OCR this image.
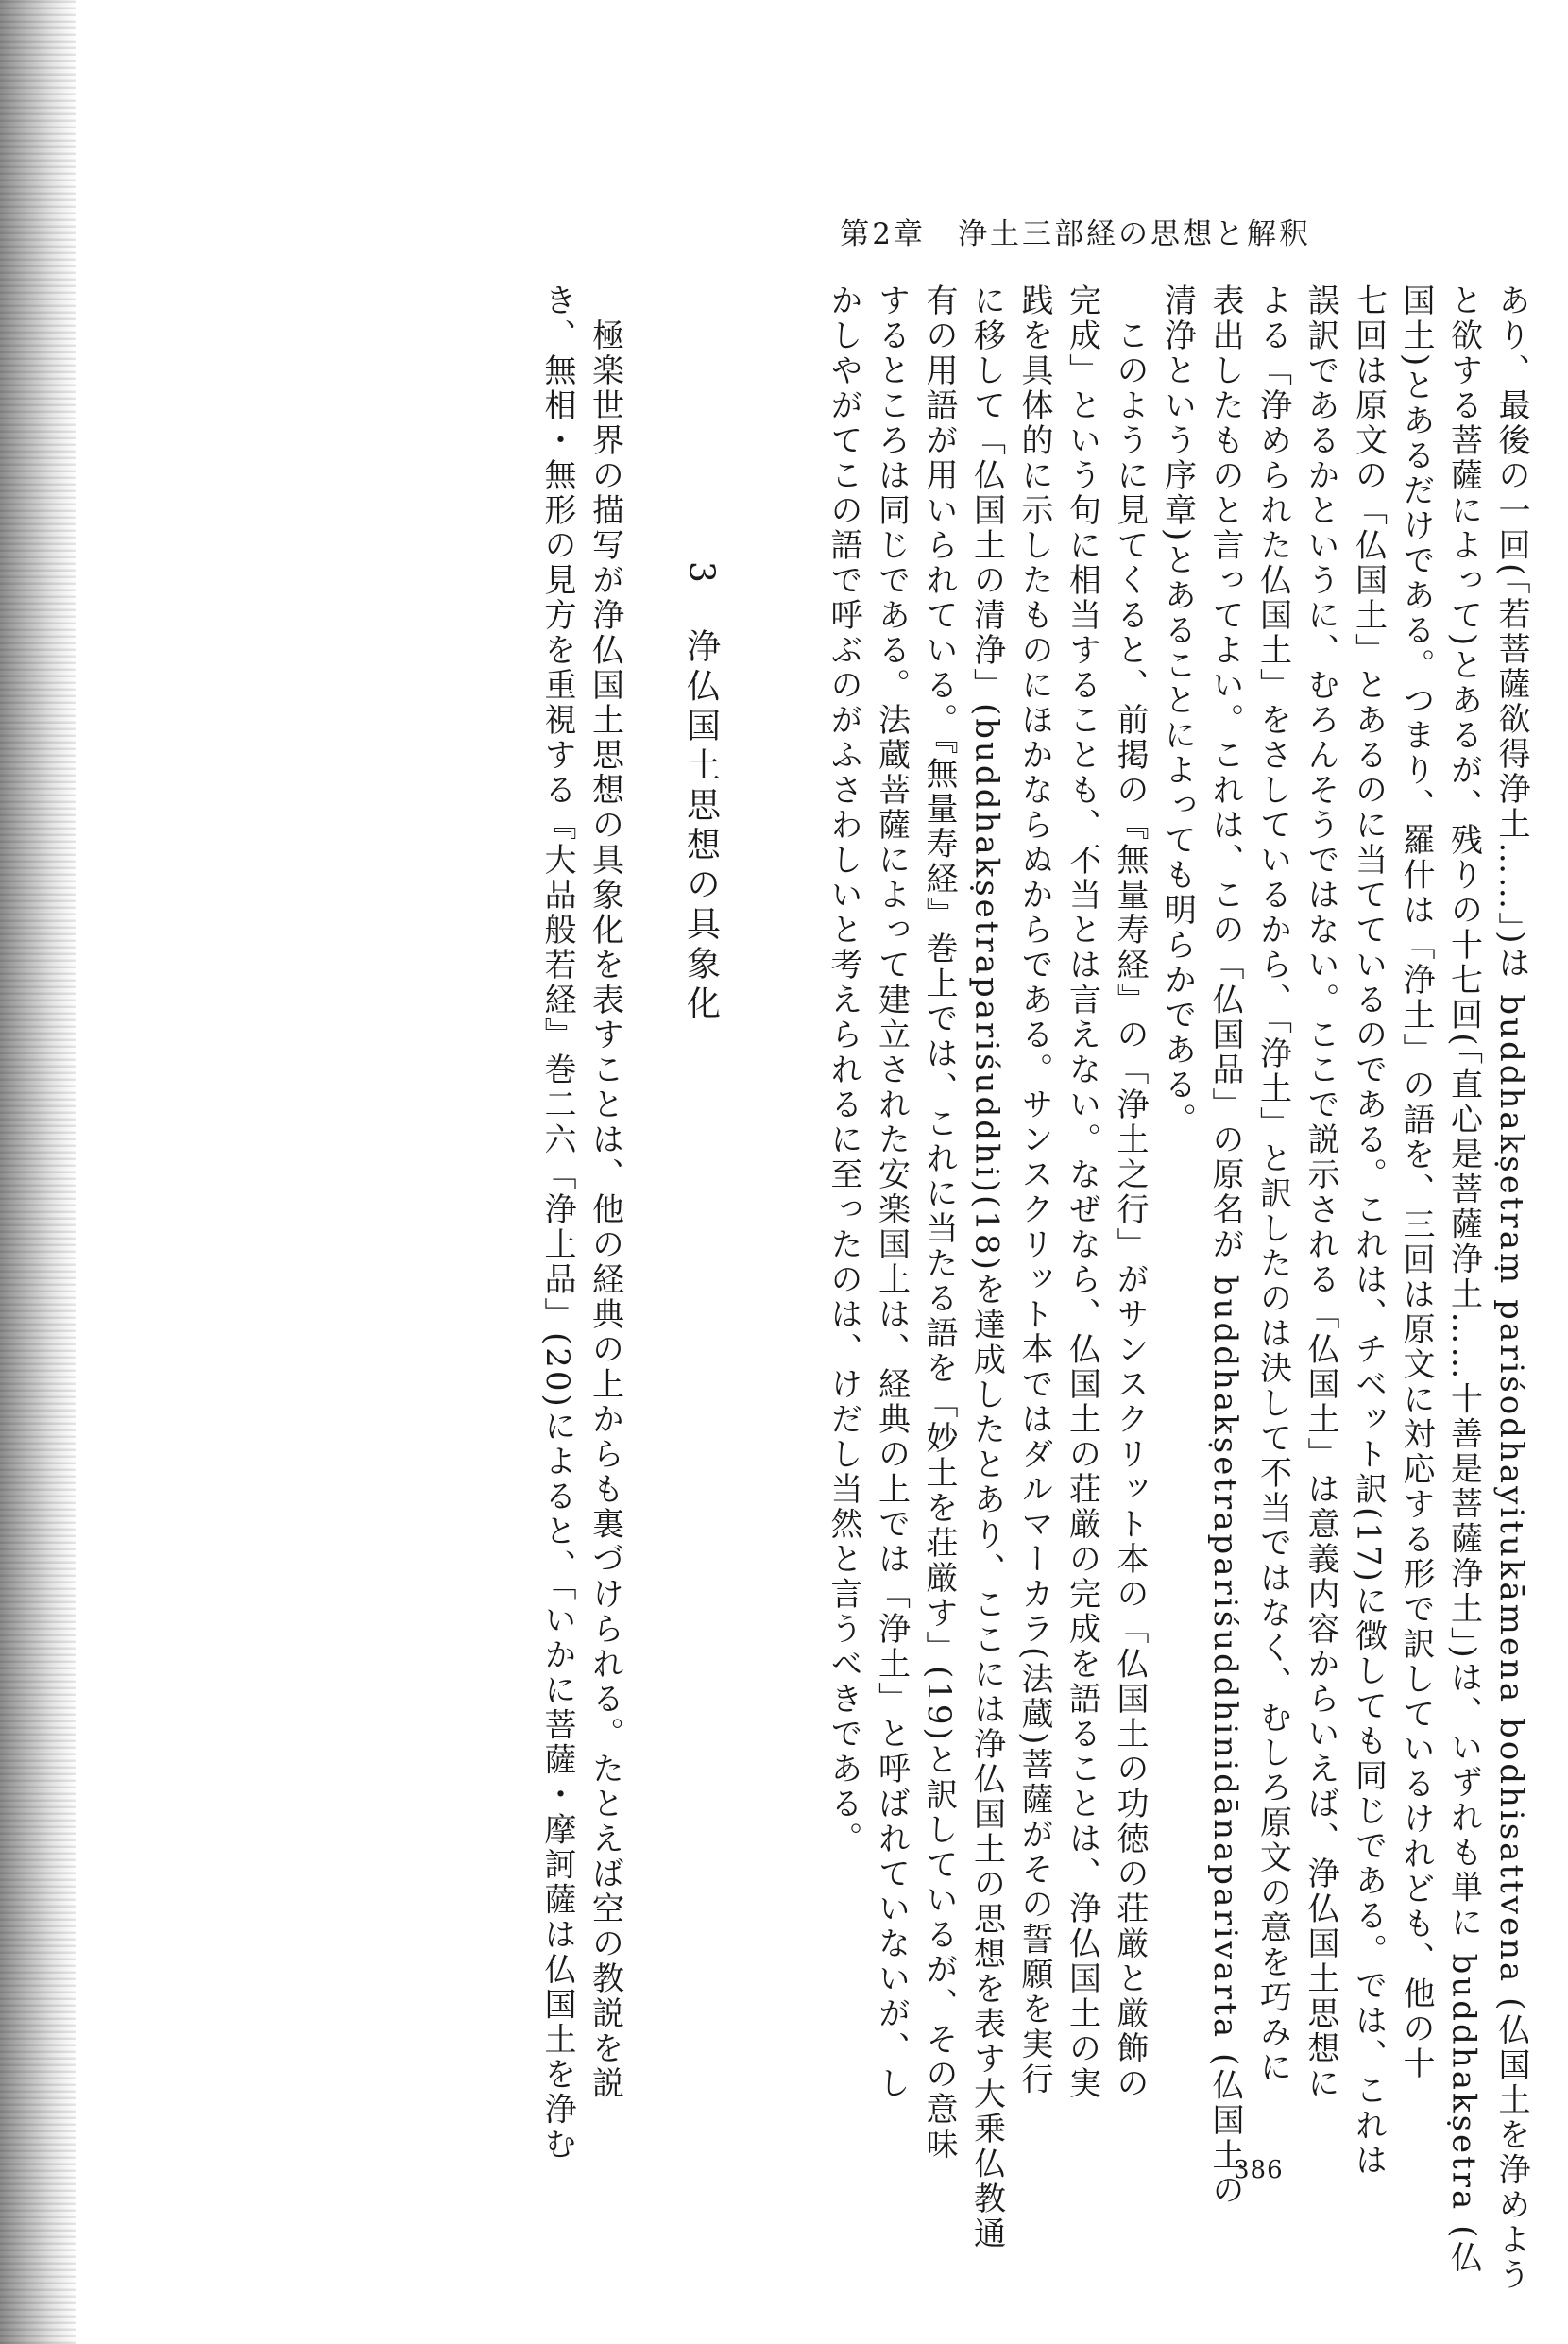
第2章　浄土三部経の思想と解釈
あり、最後の一回(「若菩薩欲得浄土……」)は buddhakṣetraṃ pariśodhayitukāmena bodhisattvena (仏国土を浄めよう
と欲する菩薩によって)とあるが、残りの十七回(「直心是菩薩浄土……十善是菩薩浄土」)は、いずれも単に buddhakṣetra (仏
国土)とあるだけである。つまり、羅什は「浄土」の語を、三回は原文に対応する形で訳しているけれども、他の十
七回は原文の「仏国土」とあるのに当てているのである。これは、チベット訳(17)に徴しても同じである。では、これは
誤訳であるかというに、むろんそうではない。ここで説示される「仏国土」は意義内容からいえば、浄仏国土思想に
よる「浄められた仏国土」をさしているから、「浄土」と訳したのは決して不当ではなく、むしろ原文の意を巧みに
表出したものと言ってよい。これは、この「仏国品」の原名が buddhakṣetrapariśuddhinidānaparivarta (仏国土の
清浄という序章)とあることによっても明らかである。
　このように見てくると、前掲の『無量寿経』の「浄土之行」がサンスクリット本の「仏国土の功徳の荘厳と厳飾の
完成」という句に相当することも、不当とは言えない。なぜなら、仏国土の荘厳の完成を語ることは、浄仏国土の実
践を具体的に示したものにほかならぬからである。サンスクリット本ではダルマーカラ(法蔵)菩薩がその誓願を実行
に移して「仏国土の清浄」(buddhakṣetrapariśuddhi)(18)を達成したとあり、ここには浄仏国土の思想を表す大乗仏教通
有の用語が用いられている。『無量寿経』巻上では、これに当たる語を「妙土を荘厳す」(19)と訳しているが、その意味
するところは同じである。法蔵菩薩によって建立された安楽国土は、経典の上では「浄土」と呼ばれていないが、し
かしやがてこの語で呼ぶのがふさわしいと考えられるに至ったのは、けだし当然と言うべきである。
　　　　　　　3　浄仏国土思想の具象化
　極楽世界の描写が浄仏国土思想の具象化を表すことは、他の経典の上からも裏づけられる。たとえば空の教説を説
き、無相・無形の見方を重視する『大品般若経』巻二六「浄土品」(20)によると、「いかに菩薩・摩訶薩は仏国土を浄む
386
